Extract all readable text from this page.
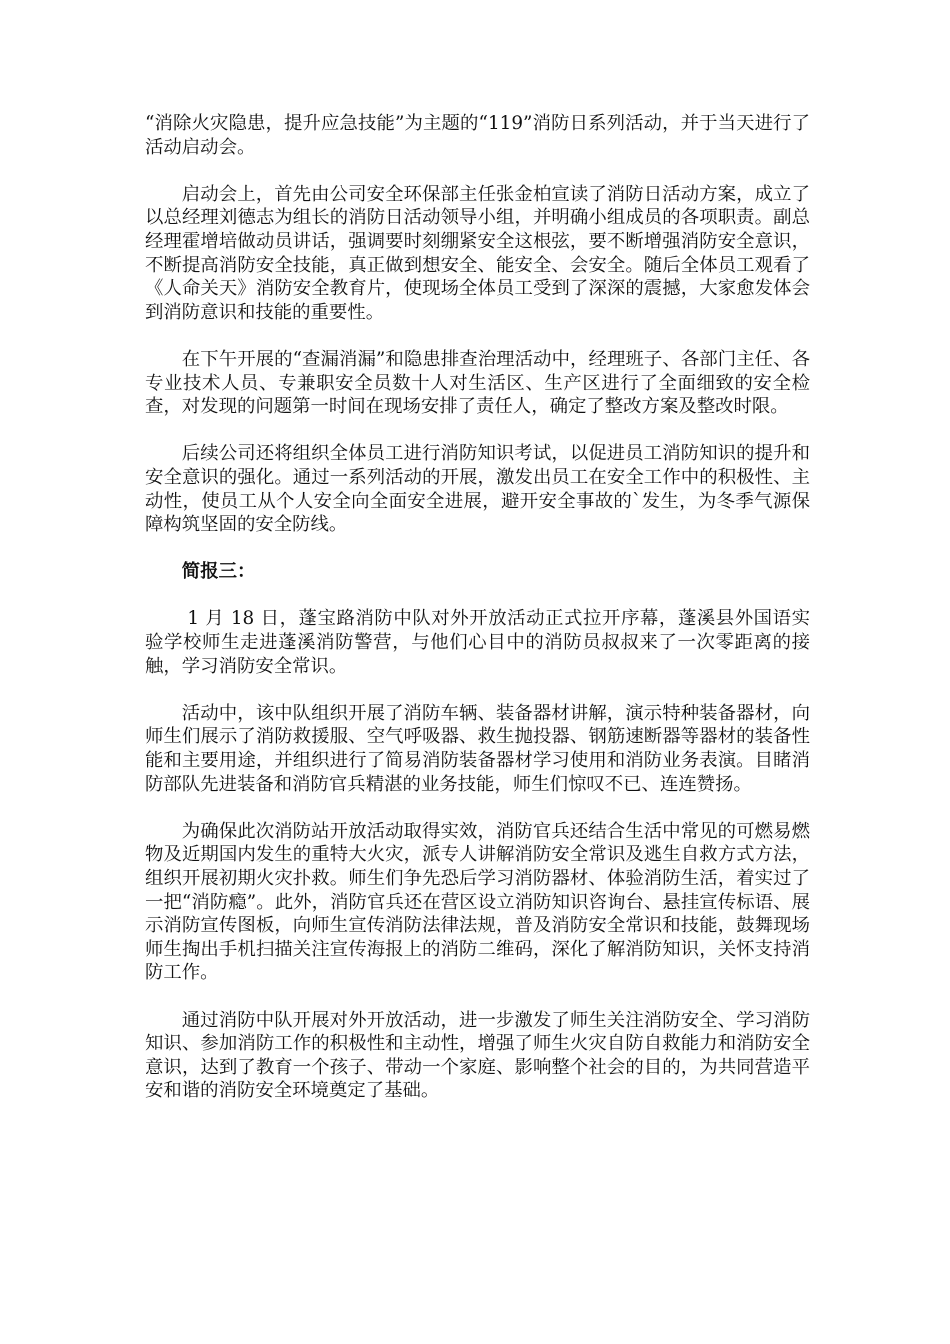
“消除火灾隐患，提升应急技能”为主题的“119”消防日系列活动，并于当天进行了活动启动会。

启动会上，首先由公司安全环保部主任张金柏宣读了消防日活动方案，成立了以总经理刘德志为组长的消防日活动领导小组，并明确小组成员的各项职责。副总经理霍增培做动员讲话，强调要时刻绷紧安全这根弦，要不断增强消防安全意识，不断提高消防安全技能，真正做到想安全、能安全、会安全。随后全体员工观看了《人命关天》消防安全教育片，使现场全体员工受到了深深的震撼，大家愈发体会到消防意识和技能的重要性。

在下午开展的“查漏消漏”和隐患排查治理活动中，经理班子、各部门主任、各专业技术人员、专兼职安全员数十人对生活区、生产区进行了全面细致的安全检查，对发现的问题第一时间在现场安排了责任人，确定了整改方案及整改时限。

后续公司还将组织全体员工进行消防知识考试，以促进员工消防知识的提升和安全意识的强化。通过一系列活动的开展，激发出员工在安全工作中的积极性、主动性，使员工从个人安全向全面安全进展，避开安全事故的`发生，为冬季气源保障构筑坚固的安全防线。

简报三：

1 月 18 日，蓬宝路消防中队对外开放活动正式拉开序幕，蓬溪县外国语实验学校师生走进蓬溪消防警营，与他们心目中的消防员叔叔来了一次零距离的接触，学习消防安全常识。

活动中，该中队组织开展了消防车辆、装备器材讲解，演示特种装备器材，向师生们展示了消防救援服、空气呼吸器、救生抛投器、钢筋速断器等器材的装备性能和主要用途，并组织进行了简易消防装备器材学习使用和消防业务表演。目睹消防部队先进装备和消防官兵精湛的业务技能，师生们惊叹不已、连连赞扬。

为确保此次消防站开放活动取得实效，消防官兵还结合生活中常见的可燃易燃物及近期国内发生的重特大火灾，派专人讲解消防安全常识及逃生自救方式方法，组织开展初期火灾扑救。师生们争先恐后学习消防器材、体验消防生活，着实过了一把“消防瘾”。此外，消防官兵还在营区设立消防知识咨询台、悬挂宣传标语、展示消防宣传图板，向师生宣传消防法律法规，普及消防安全常识和技能，鼓舞现场师生掏出手机扫描关注宣传海报上的消防二维码，深化了解消防知识，关怀支持消防工作。

通过消防中队开展对外开放活动，进一步激发了师生关注消防安全、学习消防知识、参加消防工作的积极性和主动性，增强了师生火灾自防自救能力和消防安全意识，达到了教育一个孩子、带动一个家庭、影响整个社会的目的，为共同营造平安和谐的消防安全环境奠定了基础。
